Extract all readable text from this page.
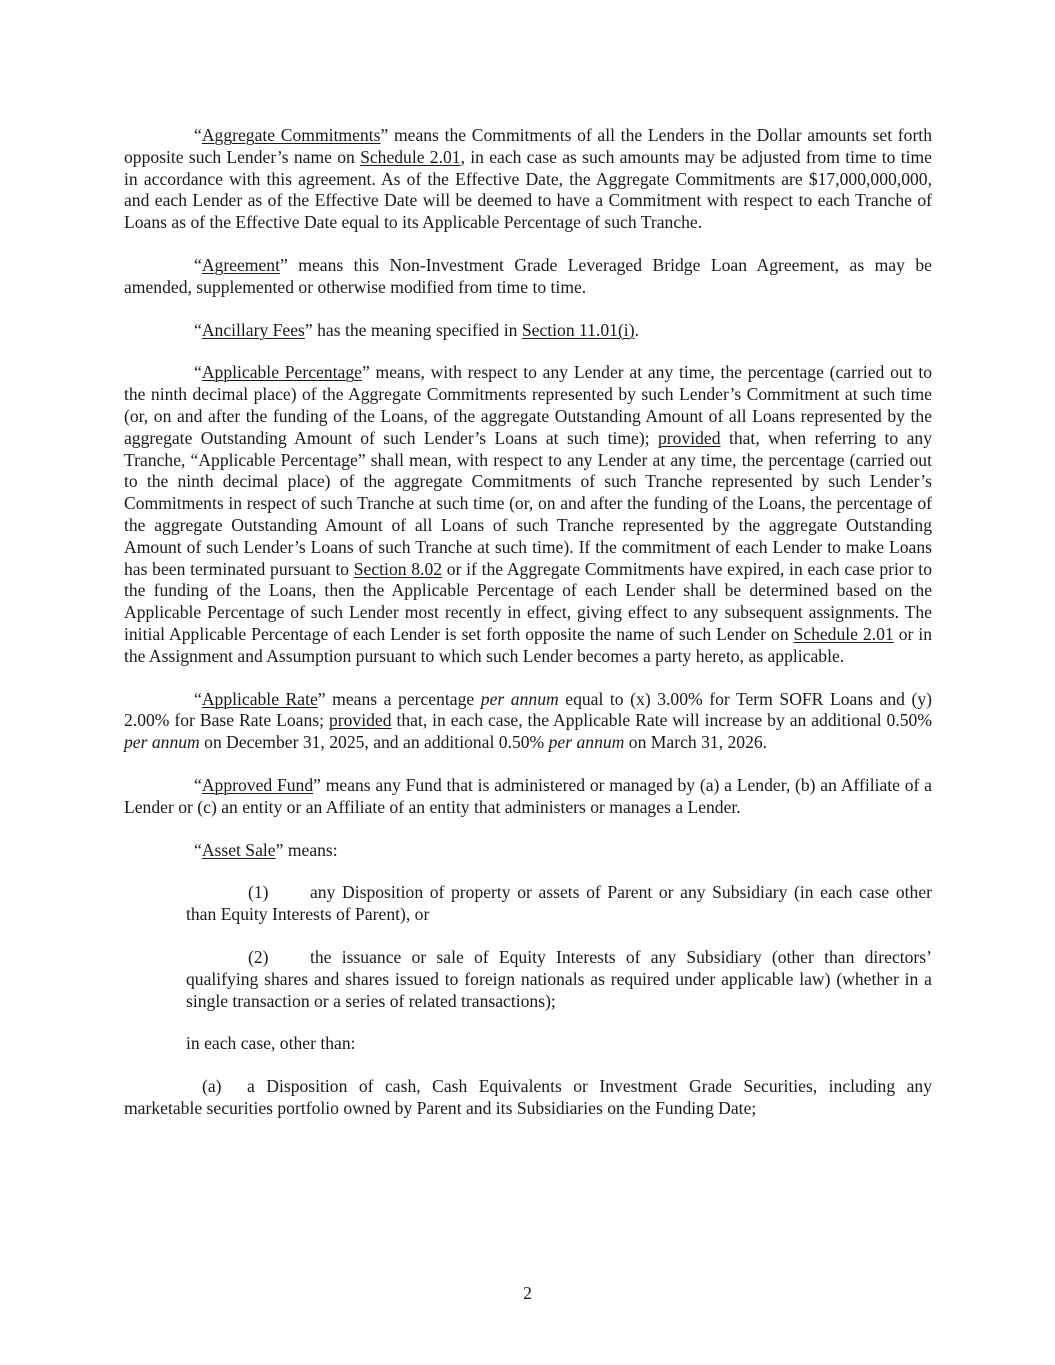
“Aggregate Commitments” means the Commitments of all the Lenders in the Dollar amounts set forth opposite such Lender’s name on Schedule 2.01, in each case as such amounts may be adjusted from time to time in accordance with this agreement. As of the Effective Date, the Aggregate Commitments are $17,000,000,000, and each Lender as of the Effective Date will be deemed to have a Commitment with respect to each Tranche of Loans as of the Effective Date equal to its Applicable Percentage of such Tranche.

“Agreement” means this Non-Investment Grade Leveraged Bridge Loan Agreement, as may be amended, supplemented or otherwise modified from time to time.

“Ancillary Fees” has the meaning specified in Section 11.01(i).

“Applicable Percentage” means, with respect to any Lender at any time, the percentage (carried out to the ninth decimal place) of the Aggregate Commitments represented by such Lender’s Commitment at such time (or, on and after the funding of the Loans, of the aggregate Outstanding Amount of all Loans represented by the aggregate Outstanding Amount of such Lender’s Loans at such time); provided that, when referring to any Tranche, “Applicable Percentage” shall mean, with respect to any Lender at any time, the percentage (carried out to the ninth decimal place) of the aggregate Commitments of such Tranche represented by such Lender’s Commitments in respect of such Tranche at such time (or, on and after the funding of the Loans, the percentage of the aggregate Outstanding Amount of all Loans of such Tranche represented by the aggregate Outstanding Amount of such Lender’s Loans of such Tranche at such time). If the commitment of each Lender to make Loans has been terminated pursuant to Section 8.02 or if the Aggregate Commitments have expired, in each case prior to the funding of the Loans, then the Applicable Percentage of each Lender shall be determined based on the Applicable Percentage of such Lender most recently in effect, giving effect to any subsequent assignments. The initial Applicable Percentage of each Lender is set forth opposite the name of such Lender on Schedule 2.01 or in the Assignment and Assumption pursuant to which such Lender becomes a party hereto, as applicable.

“Applicable Rate” means a percentage per annum equal to (x) 3.00% for Term SOFR Loans and (y) 2.00% for Base Rate Loans; provided that, in each case, the Applicable Rate will increase by an additional 0.50% per annum on December 31, 2025, and an additional 0.50% per annum on March 31, 2026.

“Approved Fund” means any Fund that is administered or managed by (a) a Lender, (b) an Affiliate of a Lender or (c) an entity or an Affiliate of an entity that administers or manages a Lender.

“Asset Sale” means:

(1) any Disposition of property or assets of Parent or any Subsidiary (in each case other than Equity Interests of Parent), or

(2) the issuance or sale of Equity Interests of any Subsidiary (other than directors’ qualifying shares and shares issued to foreign nationals as required under applicable law) (whether in a single transaction or a series of related transactions);

in each case, other than:

(a) a Disposition of cash, Cash Equivalents or Investment Grade Securities, including any marketable securities portfolio owned by Parent and its Subsidiaries on the Funding Date;

2
